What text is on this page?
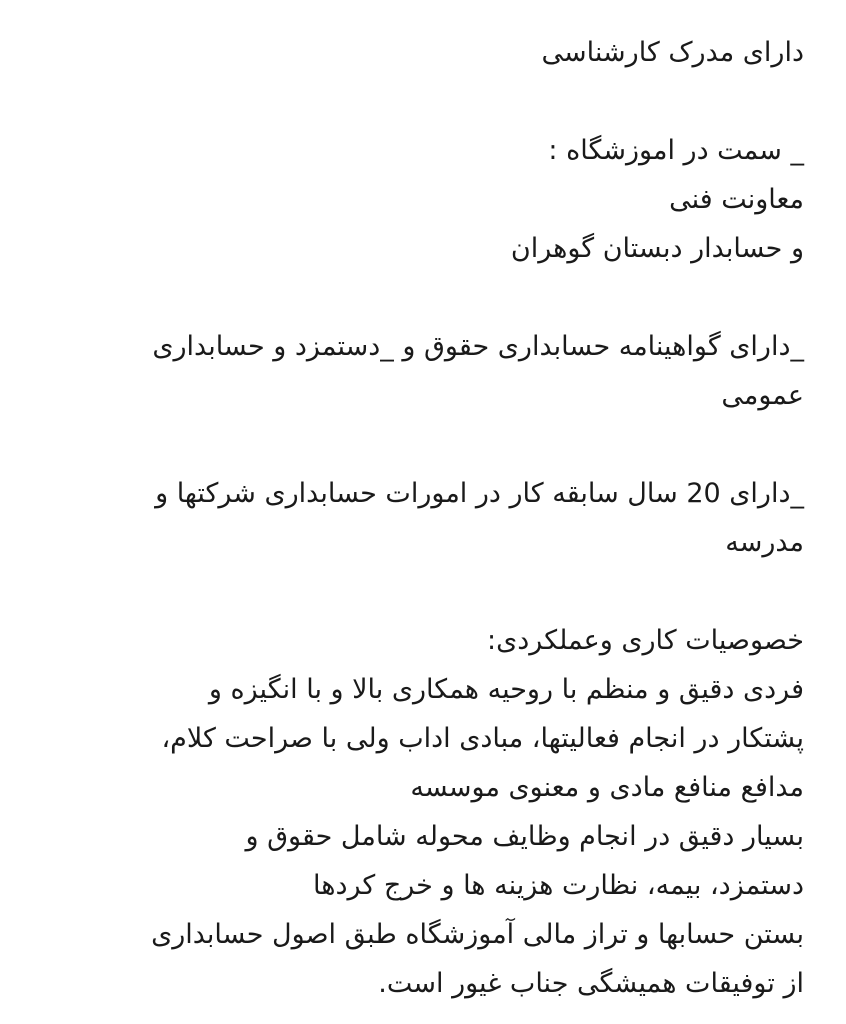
دارای مدرک کارشناسی
_ سمت در اموزشگاه :
معاونت فنی
و حسابدار دبستان گوهران
_دارای گواهینامه حسابداری حقوق و _دستمزد و حسابداری
عمومی
_دارای 20 سال سابقه کار در امورات حسابداری شرکتها و
مدرسه
خصوصیات کاری وعملکردی:
فردی دقیق و منظم با روحیه همکاری بالا و با انگیزه و
پشتکار در انجام فعالیتها، مبادی اداب ولی با صراحت کلام،
مدافع منافع مادی و معنوی موسسه
بسیار دقیق در انجام وظایف محوله شامل حقوق و
دستمزد، بیمه، نظارت هزینه ها و خرج کردها
بستن حسابها و تراز مالی آموزشگاه طبق اصول حسابداری
از توفیقات همیشگی جناب غیور است.
